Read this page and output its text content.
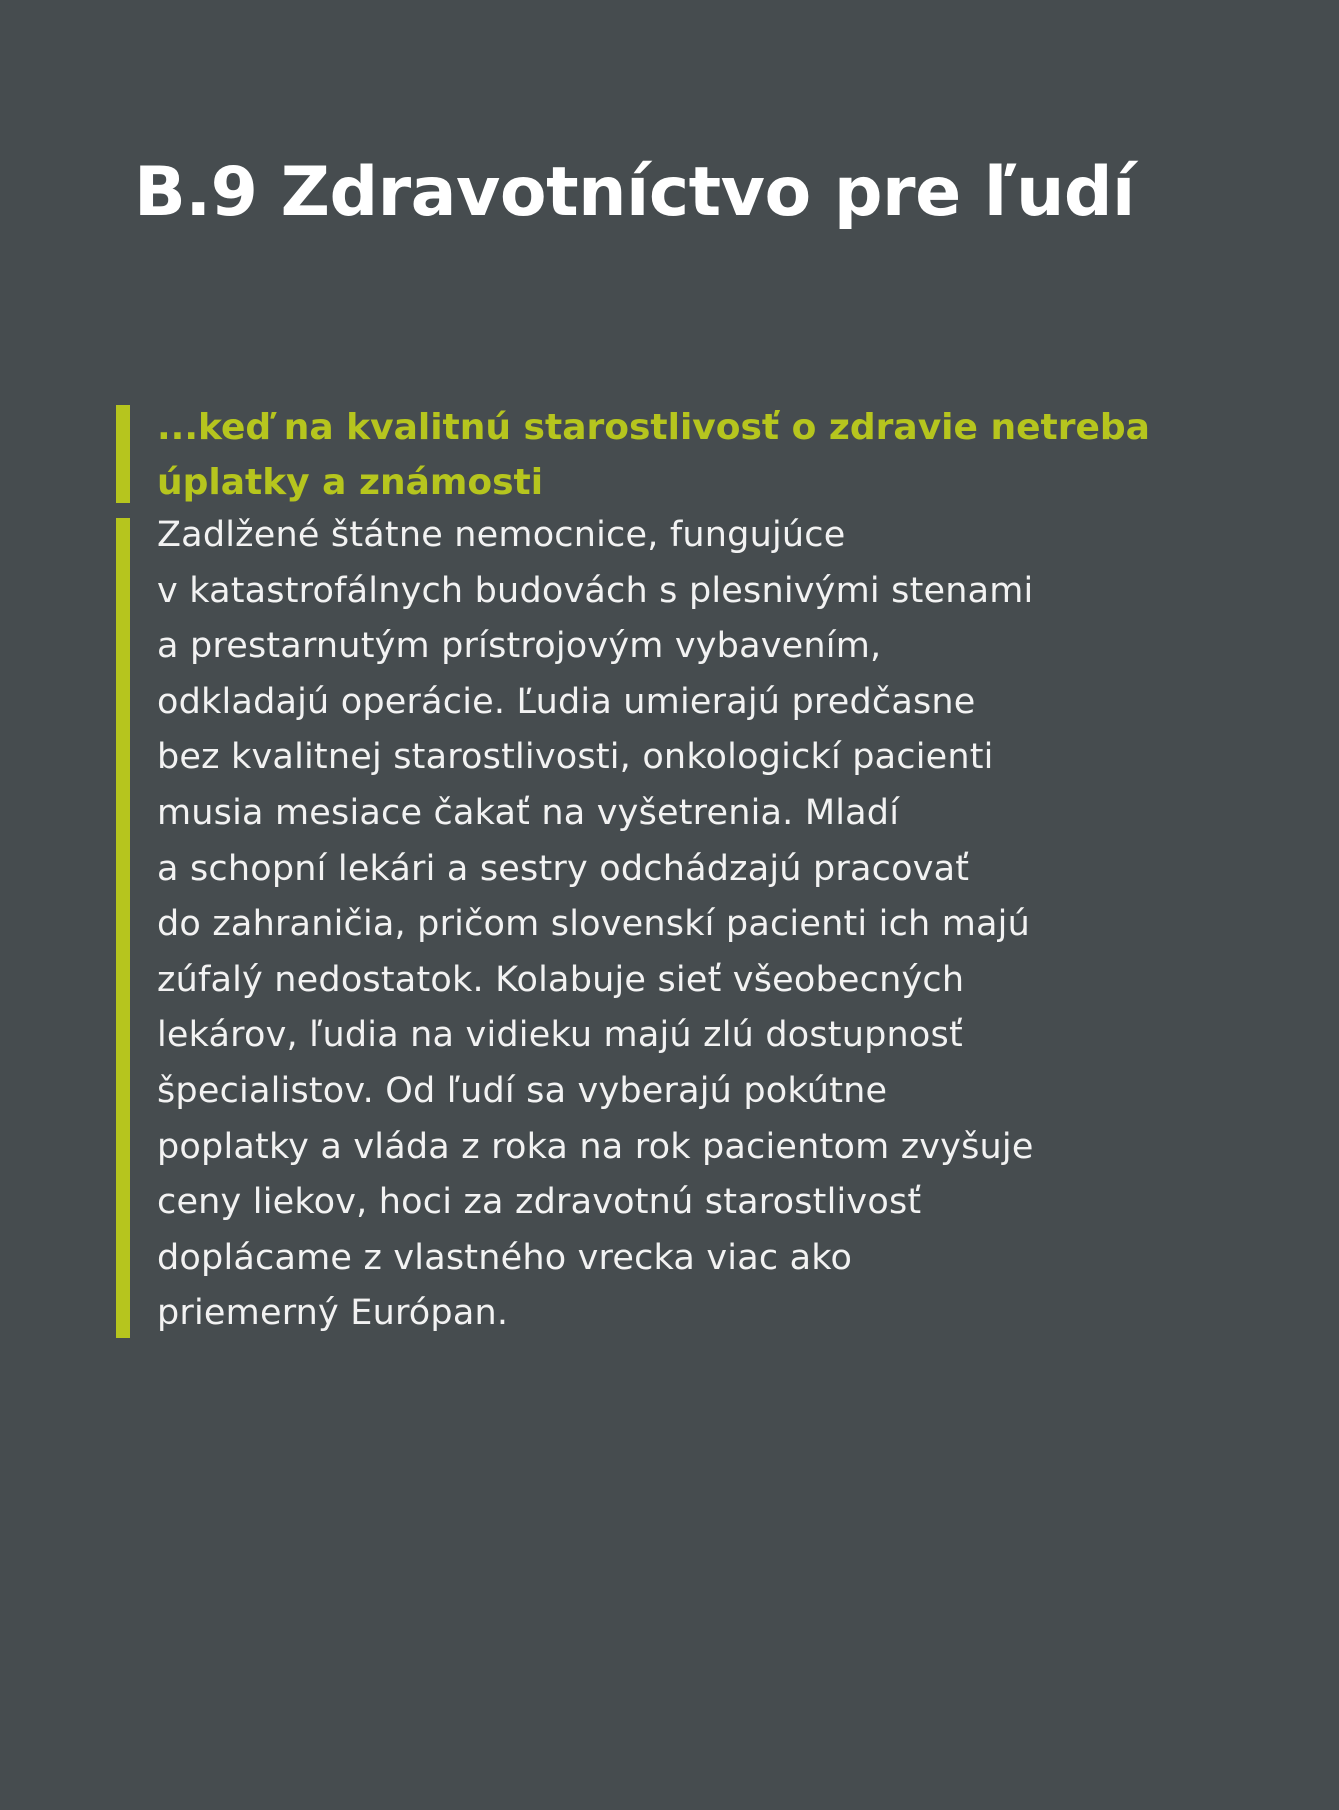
B.9 Zdravotníctvo pre ľudí
...keď na kvalitnú starostlivosť o zdravie netreba
úplatky a známosti

Zadlžené štátne nemocnice, fungujúce
v katastrofálnych budovách s plesnivými stenami
a prestarnutým prístrojovým vybavením,
odkladajú operácie. Ľudia umierajú predčasne
bez kvalitnej starostlivosti, onkologickí pacienti
musia mesiace čakať na vyšetrenia. Mladí
a schopní lekári a sestry odchádzajú pracovať
do zahraničia, pričom slovenskí pacienti ich majú
zúfalý nedostatok. Kolabuje sieť všeobecných
lekárov, ľudia na vidieku majú zlú dostupnosť
špecialistov. Od ľudí sa vyberajú pokútne
poplatky a vláda z roka na rok pacientom zvyšuje
ceny liekov, hoci za zdravotnú starostlivosť
doplácame z vlastného vrecka viac ako
priemerný Európan.
